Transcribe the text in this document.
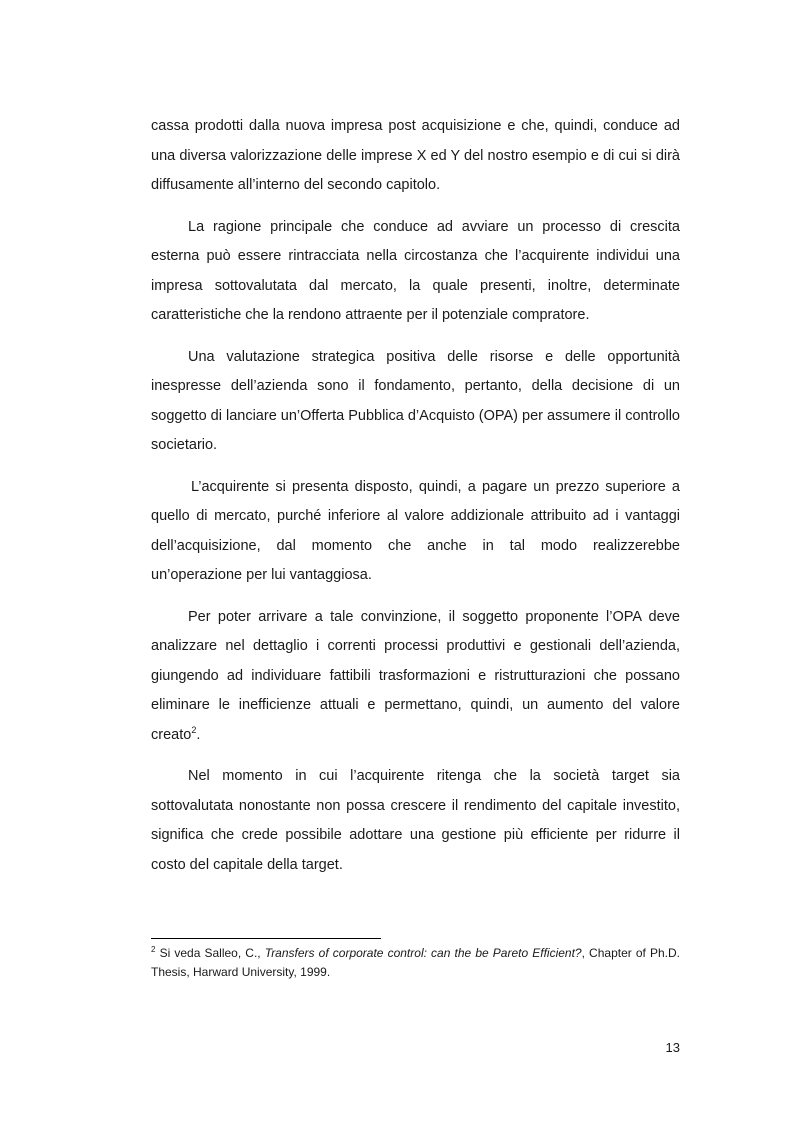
cassa prodotti dalla nuova impresa post acquisizione e che, quindi, conduce ad una diversa valorizzazione delle imprese X ed Y del nostro esempio e di cui si dirà diffusamente all’interno del secondo capitolo.

La ragione principale che conduce ad avviare un processo di crescita esterna può essere rintracciata nella circostanza che l’acquirente individui una impresa sottovalutata dal mercato, la quale presenti, inoltre, determinate caratteristiche che la rendono attraente per il potenziale compratore.

Una valutazione strategica positiva delle risorse e delle opportunità inespresse dell’azienda sono il fondamento, pertanto, della decisione di un soggetto di lanciare un’Offerta Pubblica d’Acquisto (OPA) per assumere il controllo societario.

L’acquirente si presenta disposto, quindi, a pagare un prezzo superiore a quello di mercato, purché inferiore al valore addizionale attribuito ad i vantaggi dell’acquisizione, dal momento che anche in tal modo realizzerebbe un’operazione per lui vantaggiosa.

Per poter arrivare a tale convinzione, il soggetto proponente l’OPA deve analizzare nel dettaglio i correnti processi produttivi e gestionali dell’azienda, giungendo ad individuare fattibili trasformazioni e ristrutturazioni che possano eliminare le inefficienze attuali e permettano, quindi, un aumento del valore creato$^2$.

Nel momento in cui l’acquirente ritenga che la società target sia sottovalutata nonostante non possa crescere il rendimento del capitale investito, significa che crede possibile adottare una gestione più efficiente per ridurre il costo del capitale della target.

$^2$ Si veda Salleo, C., Transfers of corporate control: can the be Pareto Efficient?, Chapter of Ph.D. Thesis, Harward University, 1999.
13
